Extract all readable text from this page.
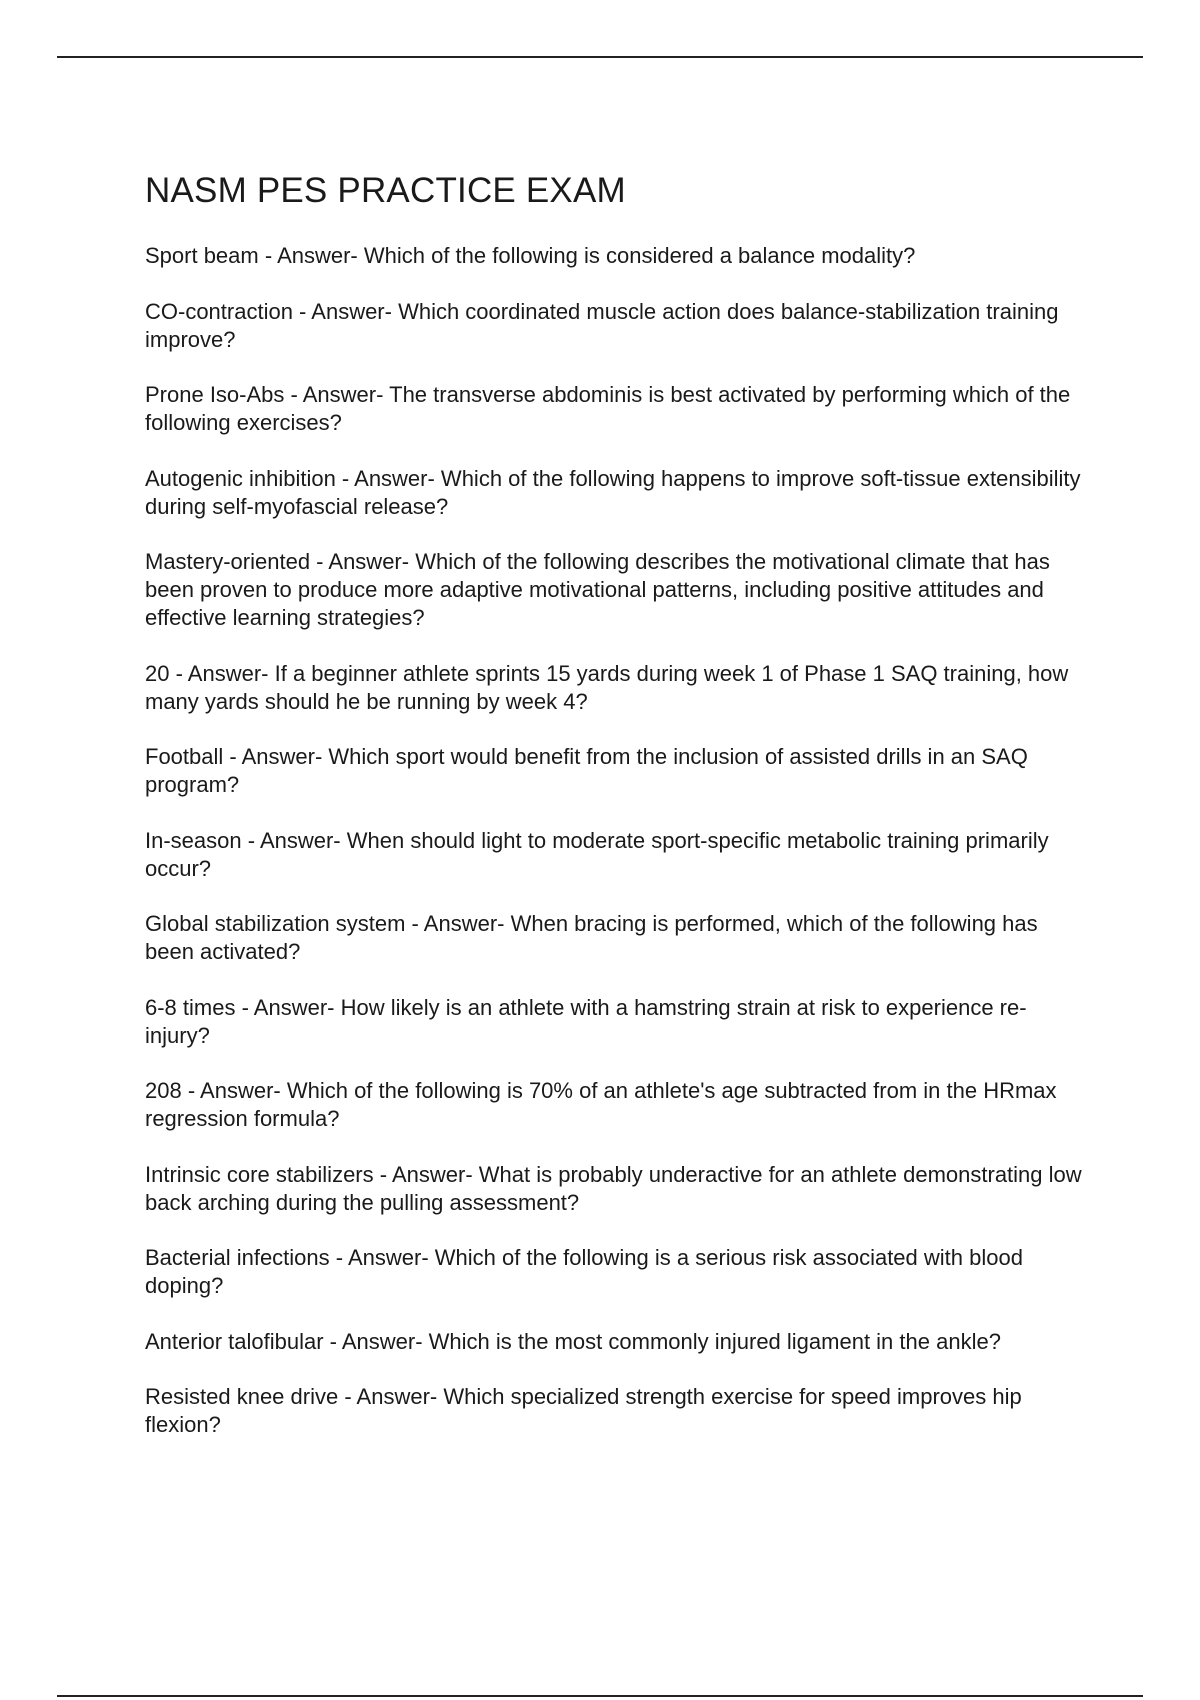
NASM PES PRACTICE EXAM
Sport beam - Answer- Which of the following is considered a balance modality?
CO-contraction - Answer- Which coordinated muscle action does balance-stabilization training improve?
Prone Iso-Abs - Answer- The transverse abdominis is best activated by performing which of the following exercises?
Autogenic inhibition - Answer- Which of the following happens to improve soft-tissue extensibility during self-myofascial release?
Mastery-oriented - Answer- Which of the following describes the motivational climate that has been proven to produce more adaptive motivational patterns, including positive attitudes and effective learning strategies?
20 - Answer- If a beginner athlete sprints 15 yards during week 1 of Phase 1 SAQ training, how many yards should he be running by week 4?
Football - Answer- Which sport would benefit from the inclusion of assisted drills in an SAQ program?
In-season - Answer- When should light to moderate sport-specific metabolic training primarily occur?
Global stabilization system - Answer- When bracing is performed, which of the following has been activated?
6-8 times - Answer- How likely is an athlete with a hamstring strain at risk to experience re-injury?
208 - Answer- Which of the following is 70% of an athlete's age subtracted from in the HRmax regression formula?
Intrinsic core stabilizers - Answer- What is probably underactive for an athlete demonstrating low back arching during the pulling assessment?
Bacterial infections - Answer- Which of the following is a serious risk associated with blood doping?
Anterior talofibular - Answer- Which is the most commonly injured ligament in the ankle?
Resisted knee drive - Answer- Which specialized strength exercise for speed improves hip flexion?
